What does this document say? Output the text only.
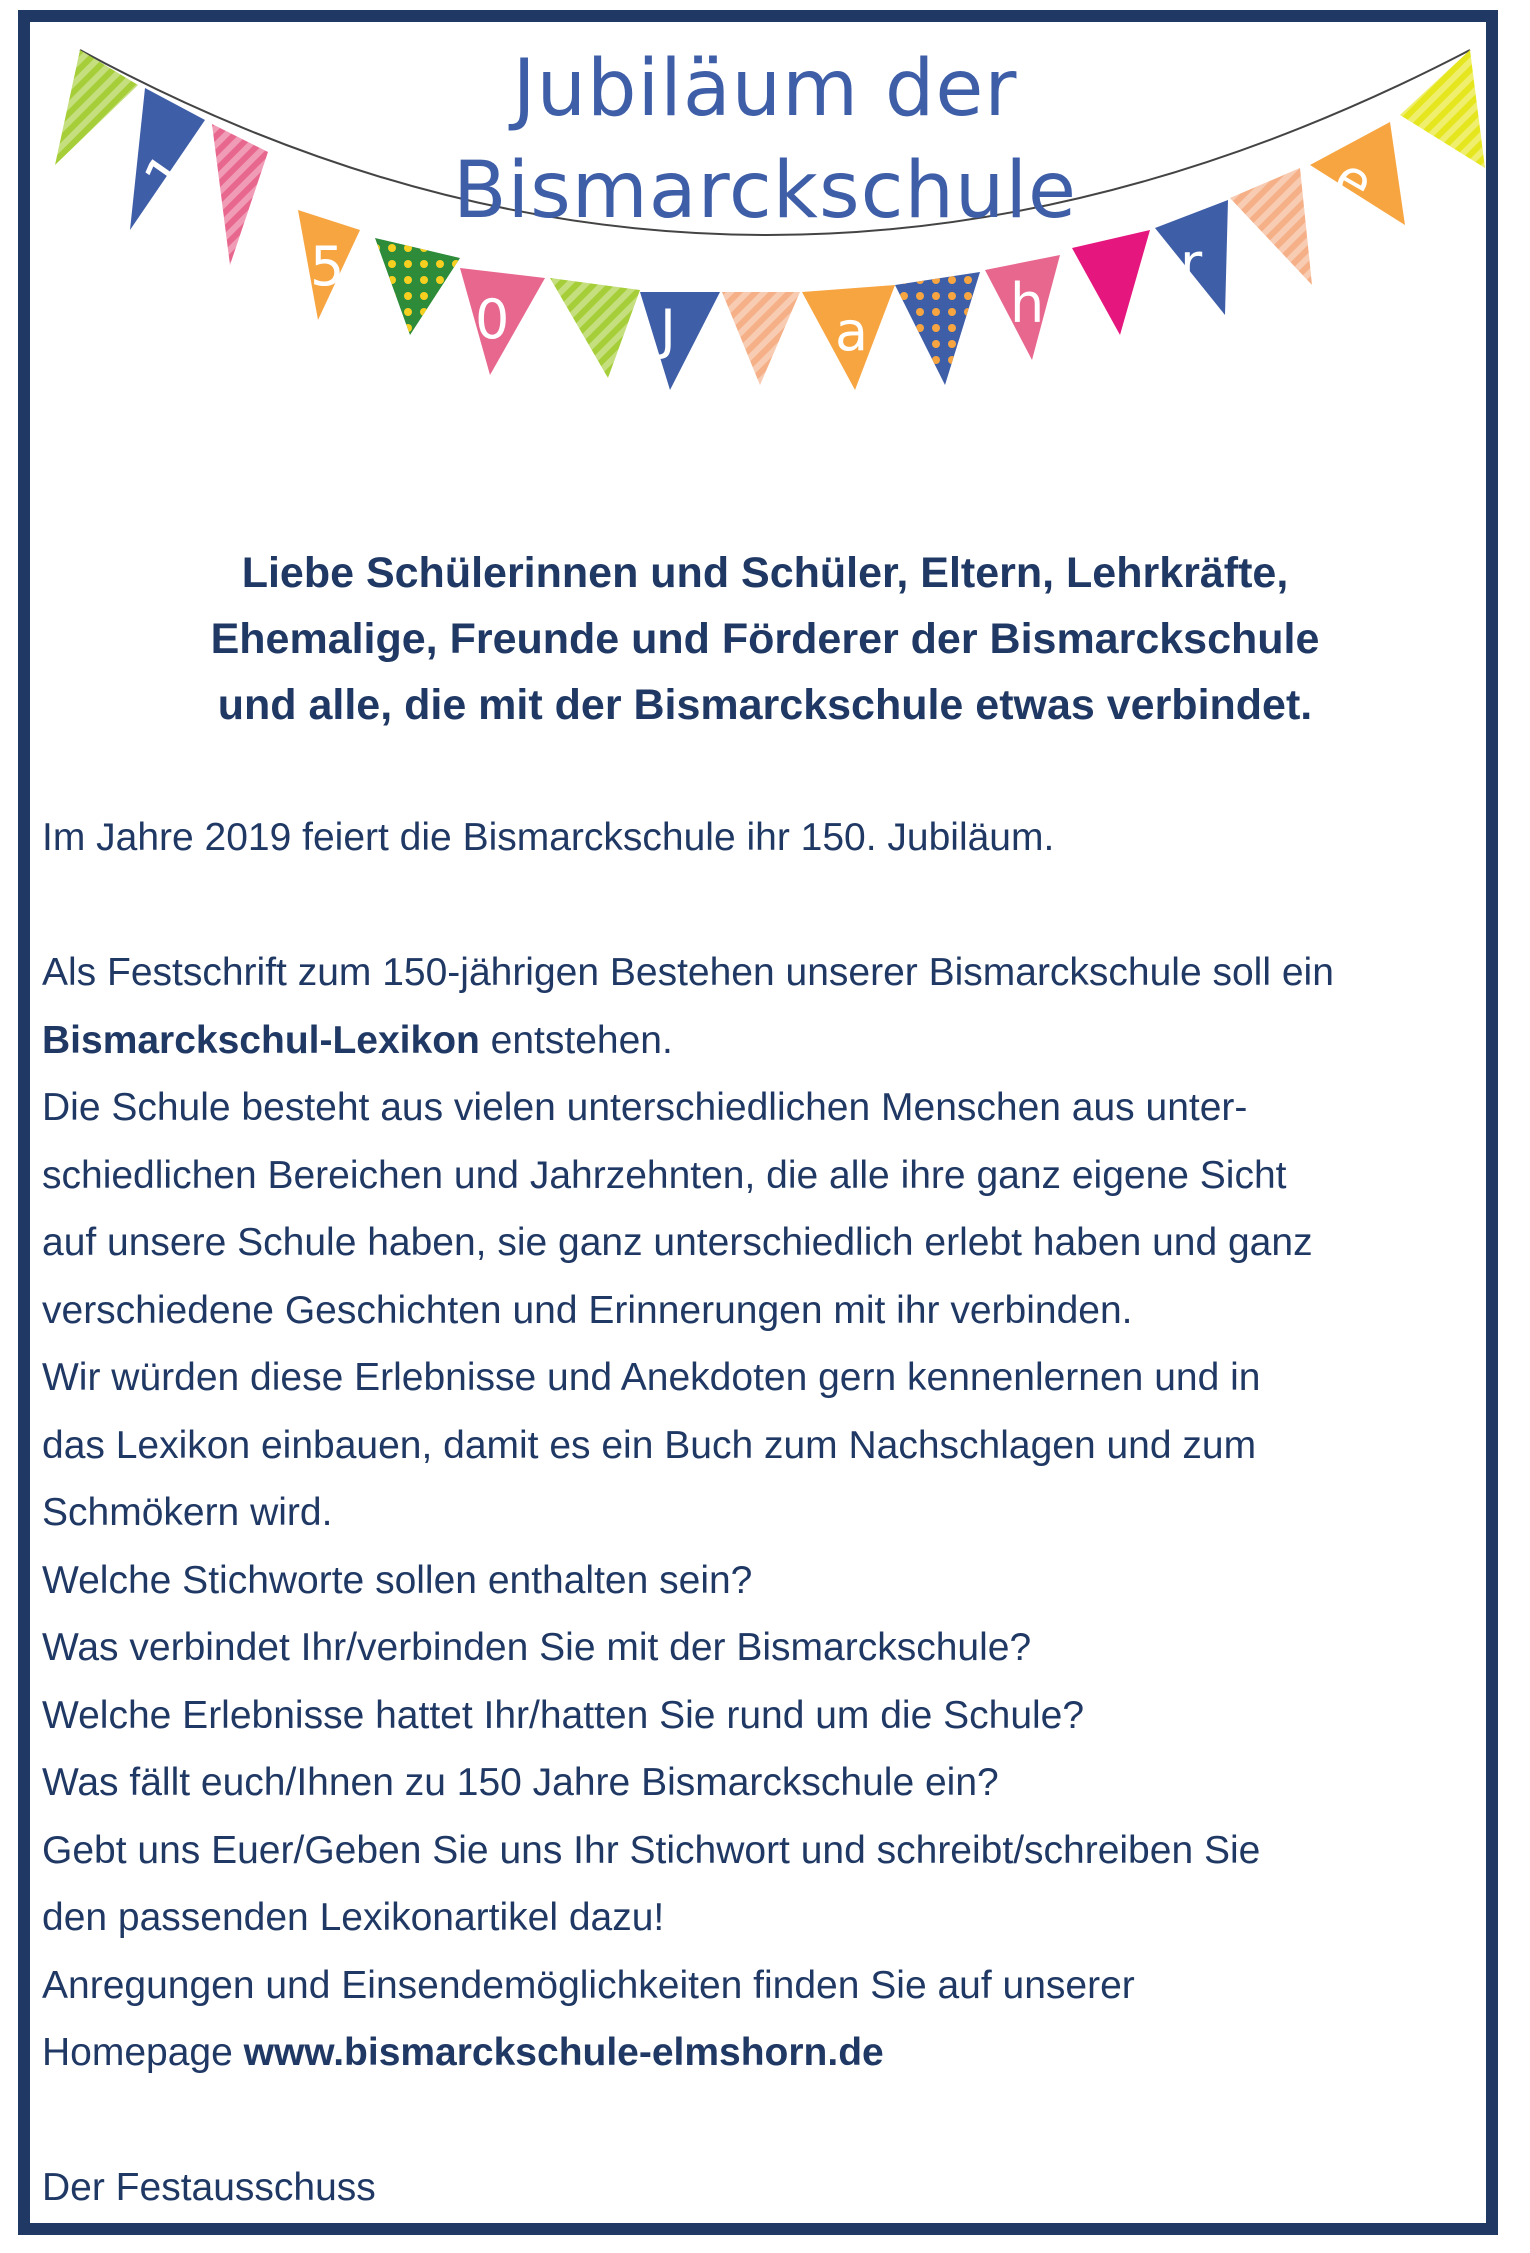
1
5
0	J	a	h
r
e
Jubiläum der
Bismarckschule
Liebe Schülerinnen und Schüler, Eltern, Lehrkräfte,
Ehemalige, Freunde und Förderer der Bismarckschule
und alle, die mit der Bismarckschule etwas verbindet.
Im Jahre 2019 feiert die Bismarckschule ihr 150. Jubiläum.
Als Festschrift zum 150-jährigen Bestehen unserer Bismarckschule soll ein
Bismarckschul-Lexikon entstehen.
Die Schule besteht aus vielen unterschiedlichen Menschen aus unter-
schiedlichen Bereichen und Jahrzehnten, die alle ihre ganz eigene Sicht
auf unsere Schule haben, sie ganz unterschiedlich erlebt haben und ganz
verschiedene Geschichten und Erinnerungen mit ihr verbinden.
Wir würden diese Erlebnisse und Anekdoten gern kennenlernen und in
das Lexikon einbauen, damit es ein Buch zum Nachschlagen und zum
Schmökern wird.
Welche Stichworte sollen enthalten sein?
Was verbindet Ihr/verbinden Sie mit der Bismarckschule?
Welche Erlebnisse hattet Ihr/hatten Sie rund um die Schule?
Was fällt euch/Ihnen zu 150 Jahre Bismarckschule ein?
Gebt uns Euer/Geben Sie uns Ihr Stichwort und schreibt/schreiben Sie
den passenden Lexikonartikel dazu!
Anregungen und Einsendemöglichkeiten finden Sie auf unserer
Homepage www.bismarckschule-elmshorn.de
Der Festausschuss
